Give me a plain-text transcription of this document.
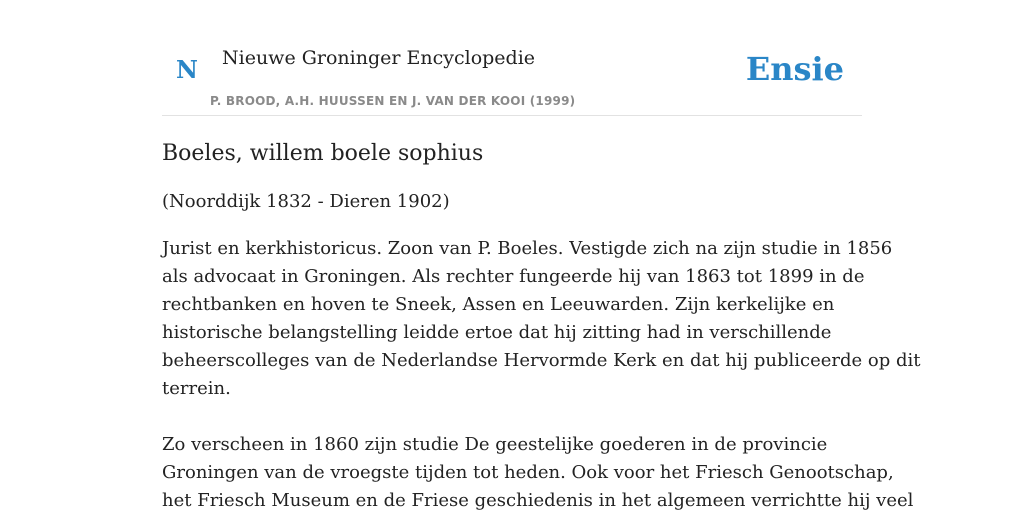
N Nieuwe Groninger Encyclopedie
P. BROOD, A.H. HUUSSEN EN J. VAN DER KOOI (1999)
Ensie
Boeles, willem boele sophius
(Noorddijk 1832 - Dieren 1902)

Jurist en kerkhistoricus. Zoon van P. Boeles. Vestigde zich na zijn studie in 1856
als advocaat in Groningen. Als rechter fungeerde hij van 1863 tot 1899 in de
rechtbanken en hoven te Sneek, Assen en Leeuwarden. Zijn kerkelijke en
historische belangstelling leidde ertoe dat hij zitting had in verschillende
beheerscolleges van de Nederlandse Hervormde Kerk en dat hij publiceerde op dit
terrein.

Zo verscheen in 1860 zijn studie De geestelijke goederen in de provincie
Groningen van de vroegste tijden tot heden. Ook voor het Friesch Genootschap,
het Friesch Museum en de Friese geschiedenis in het algemeen verrichtte hij veel
